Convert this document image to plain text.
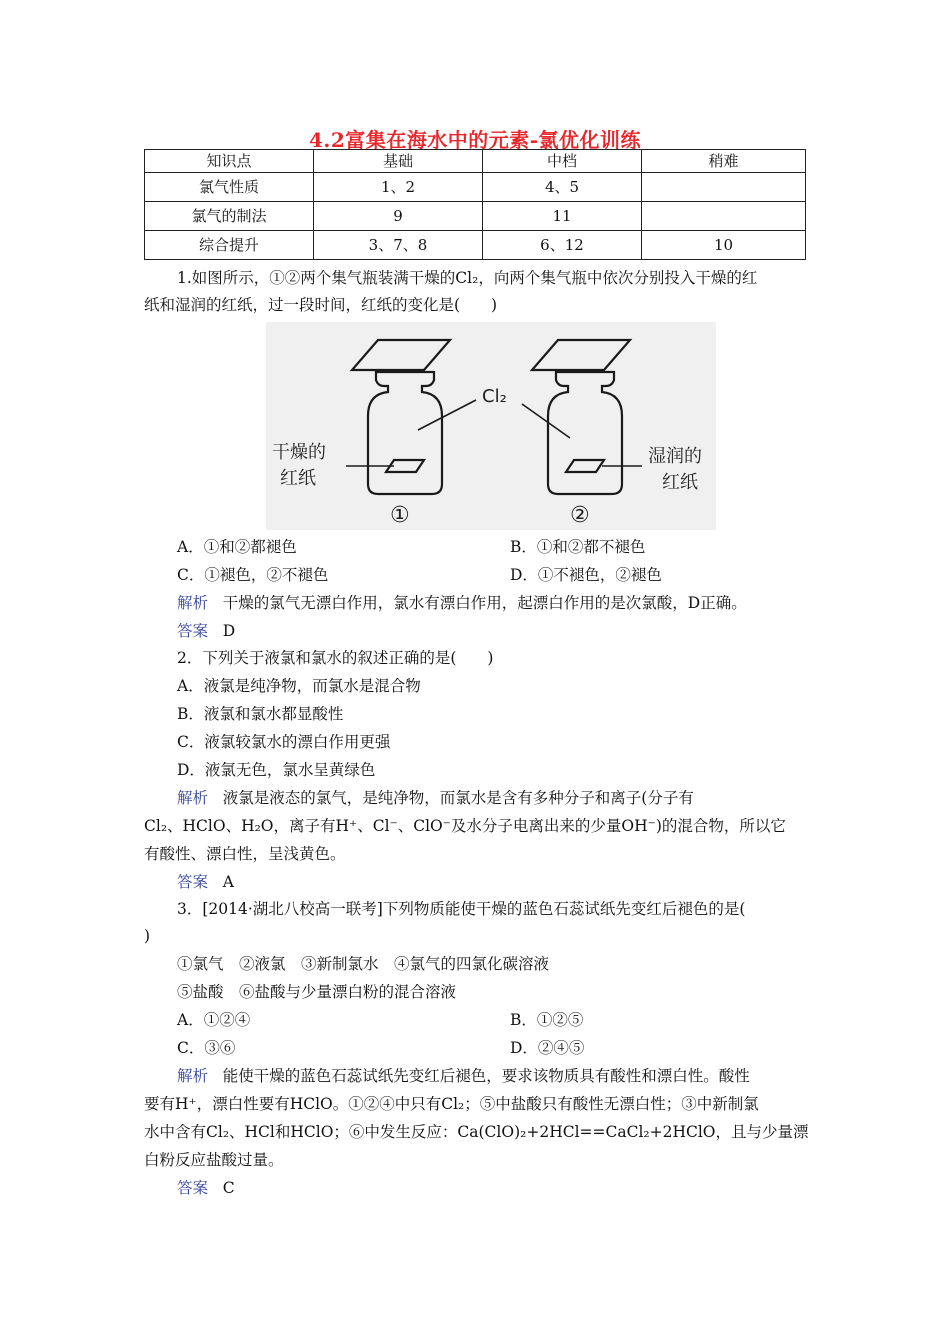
4.2富集在海水中的元素-氯优化训练
知识点	基础	中档	稍难
氯气性质	1、2	4、5	
氯气的制法	9	11	
综合提升	3、7、8	6、12	10
1.如图所示，①②两个集气瓶装满干燥的Cl₂，向两个集气瓶中依次分别投入干燥的红
纸和湿润的红纸，过一段时间，红纸的变化是(　　)
Cl₂
干燥的
红纸
湿润的
红纸
①	②
A．①和②都褪色	B．①和②都不褪色
C．①褪色，②不褪色	D．①不褪色，②褪色
解析 干燥的氯气无漂白作用，氯水有漂白作用，起漂白作用的是次氯酸，D正确。
答案 D
2．下列关于液氯和氯水的叙述正确的是(　　)
A．液氯是纯净物，而氯水是混合物
B．液氯和氯水都显酸性
C．液氯较氯水的漂白作用更强
D．液氯无色，氯水呈黄绿色
解析 液氯是液态的氯气，是纯净物，而氯水是含有多种分子和离子(分子有
Cl₂、HClO、H₂O，离子有H⁺、Cl⁻、ClO⁻及水分子电离出来的少量OH⁻)的混合物，所以它
有酸性、漂白性，呈浅黄色。
答案 A
3．[2014·湖北八校高一联考]下列物质能使干燥的蓝色石蕊试纸先变红后褪色的是(
)
①氯气　②液氯　③新制氯水　④氯气的四氯化碳溶液
⑤盐酸　⑥盐酸与少量漂白粉的混合溶液
A．①②④	B．①②⑤
C．③⑥	D．②④⑤
解析 能使干燥的蓝色石蕊试纸先变红后褪色，要求该物质具有酸性和漂白性。酸性
要有H⁺，漂白性要有HClO。①②④中只有Cl₂；⑤中盐酸只有酸性无漂白性；③中新制氯
水中含有Cl₂、HCl和HClO；⑥中发生反应：Ca(ClO)₂+2HCl==CaCl₂+2HClO，且与少量漂
白粉反应盐酸过量。
答案 C
